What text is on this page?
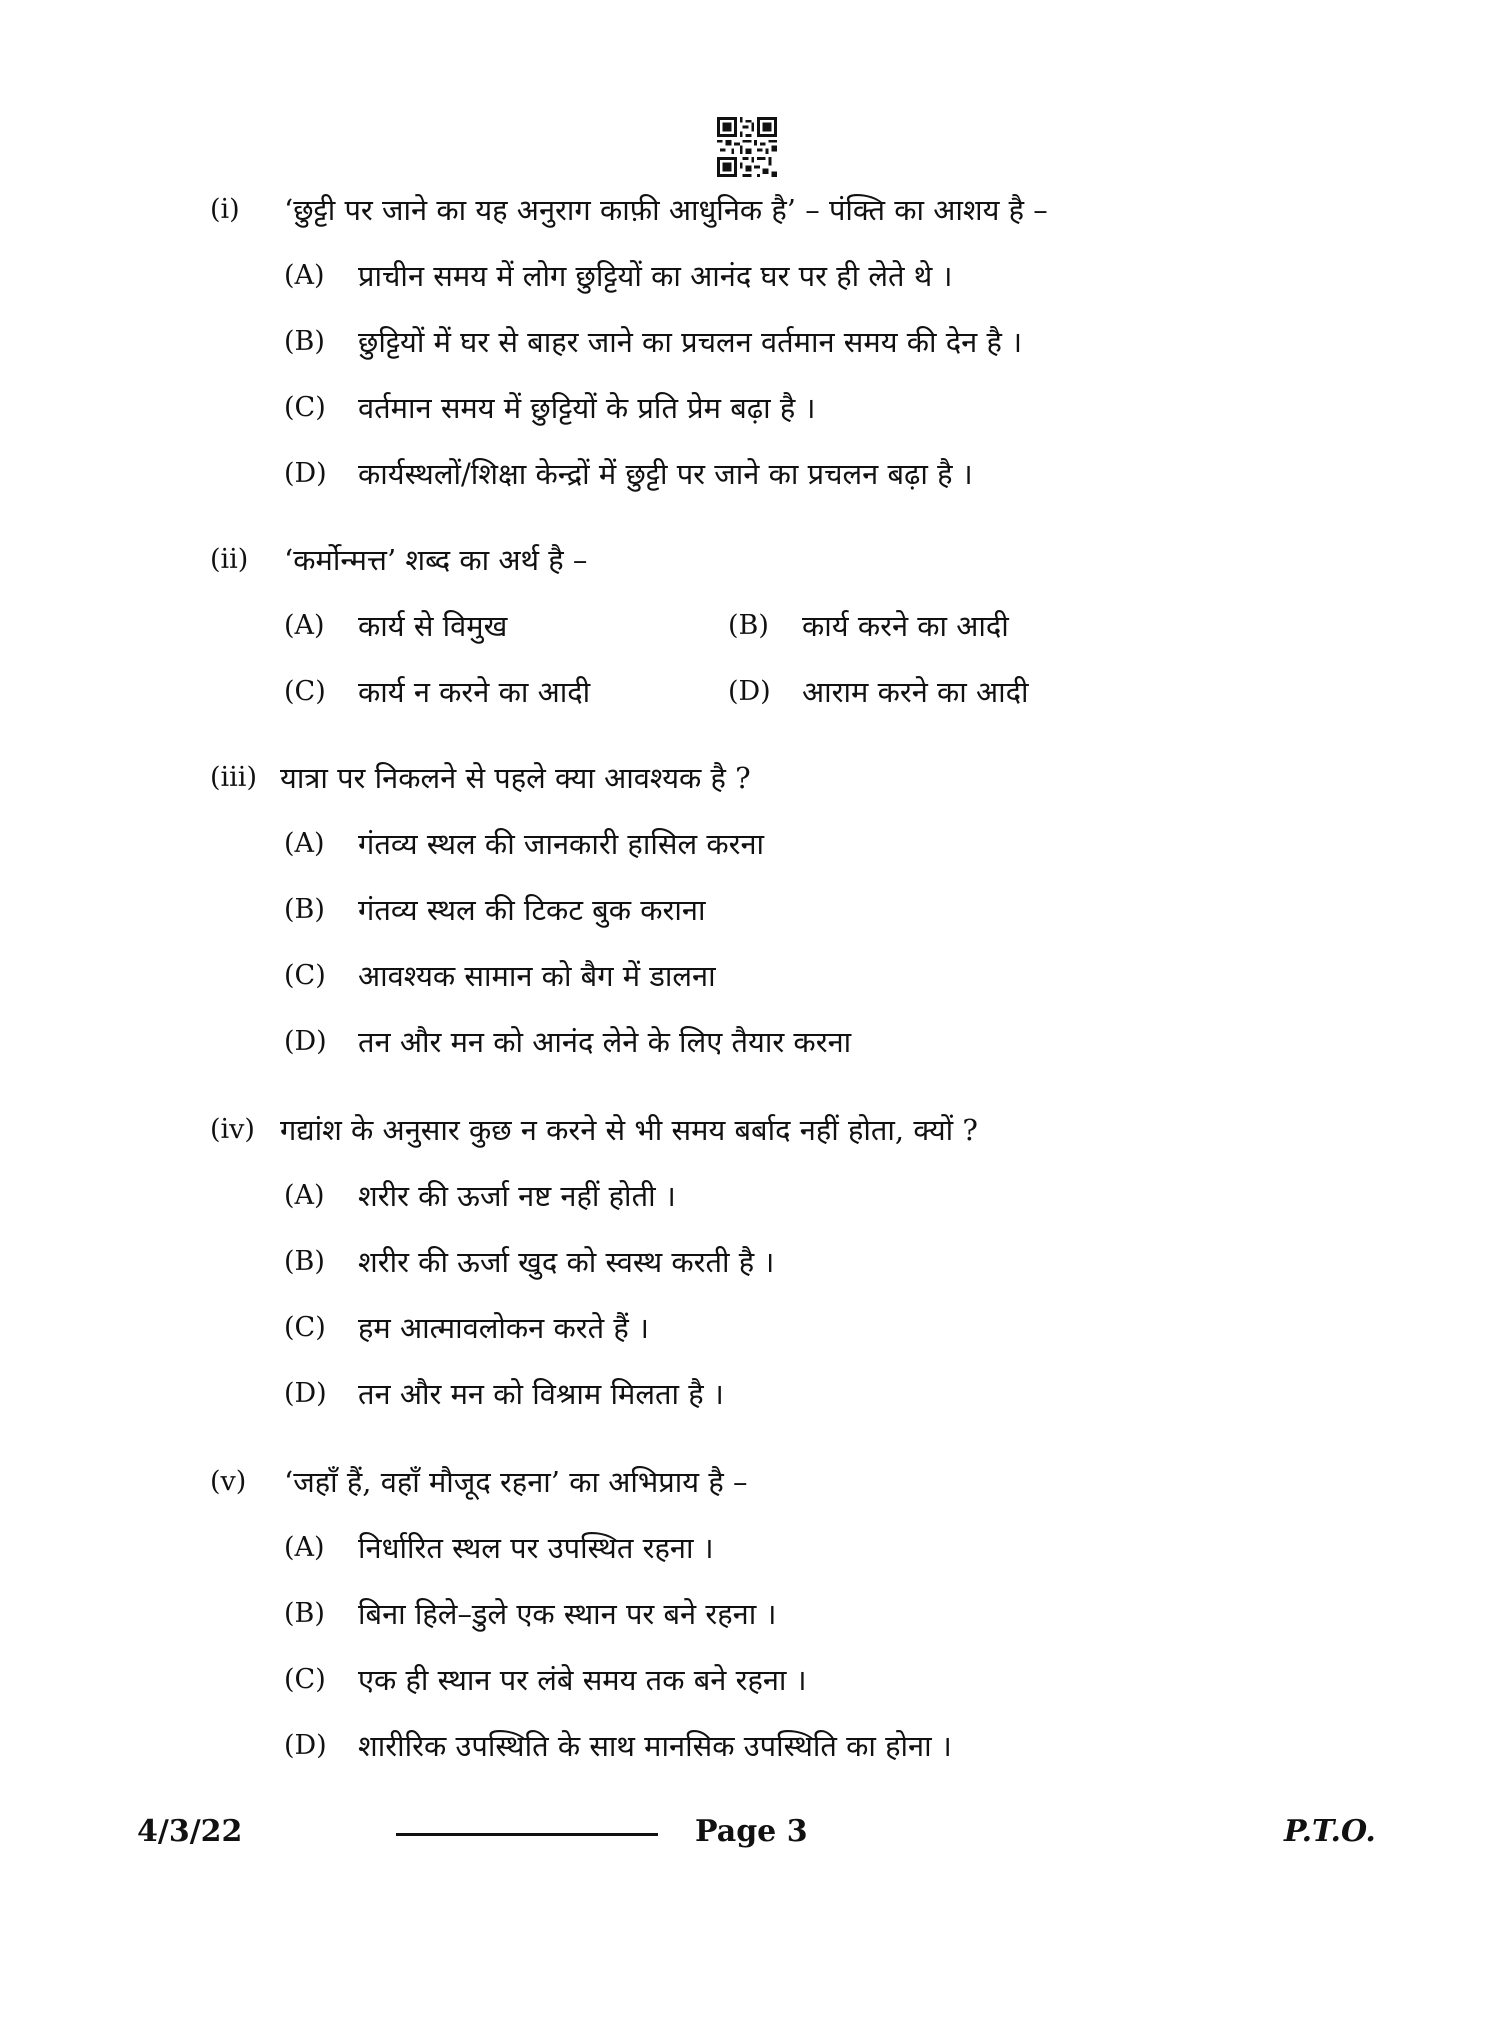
(i) ‘छुट्टी पर जाने का यह अनुराग काफ़ी आधुनिक है’ – पंक्ति का आशय है –
(A) प्राचीन समय में लोग छुट्टियों का आनंद घर पर ही लेते थे ।
(B) छुट्टियों में घर से बाहर जाने का प्रचलन वर्तमान समय की देन है ।
(C) वर्तमान समय में छुट्टियों के प्रति प्रेम बढ़ा है ।
(D) कार्यस्थलों/शिक्षा केन्द्रों में छुट्टी पर जाने का प्रचलन बढ़ा है ।
(ii) ‘कर्मोन्मत्त’ शब्द का अर्थ है –
(A) कार्य से विमुख	(B) कार्य करने का आदी
(C) कार्य न करने का आदी	(D) आराम करने का आदी
(iii) यात्रा पर निकलने से पहले क्या आवश्यक है ?
(A) गंतव्य स्थल की जानकारी हासिल करना
(B) गंतव्य स्थल की टिकट बुक कराना
(C) आवश्यक सामान को बैग में डालना
(D) तन और मन को आनंद लेने के लिए तैयार करना
(iv) गद्यांश के अनुसार कुछ न करने से भी समय बर्बाद नहीं होता, क्यों ?
(A) शरीर की ऊर्जा नष्ट नहीं होती ।
(B) शरीर की ऊर्जा खुद को स्वस्थ करती है ।
(C) हम आत्मावलोकन करते हैं ।
(D) तन और मन को विश्राम मिलता है ।
(v) ‘जहाँ हैं, वहाँ मौजूद रहना’ का अभिप्राय है –
(A) निर्धारित स्थल पर उपस्थित रहना ।
(B) बिना हिले–डुले एक स्थान पर बने रहना ।
(C) एक ही स्थान पर लंबे समय तक बने रहना ।
(D) शारीरिक उपस्थिति के साथ मानसिक उपस्थिति का होना ।
4/3/22	Page 3	P.T.O.
